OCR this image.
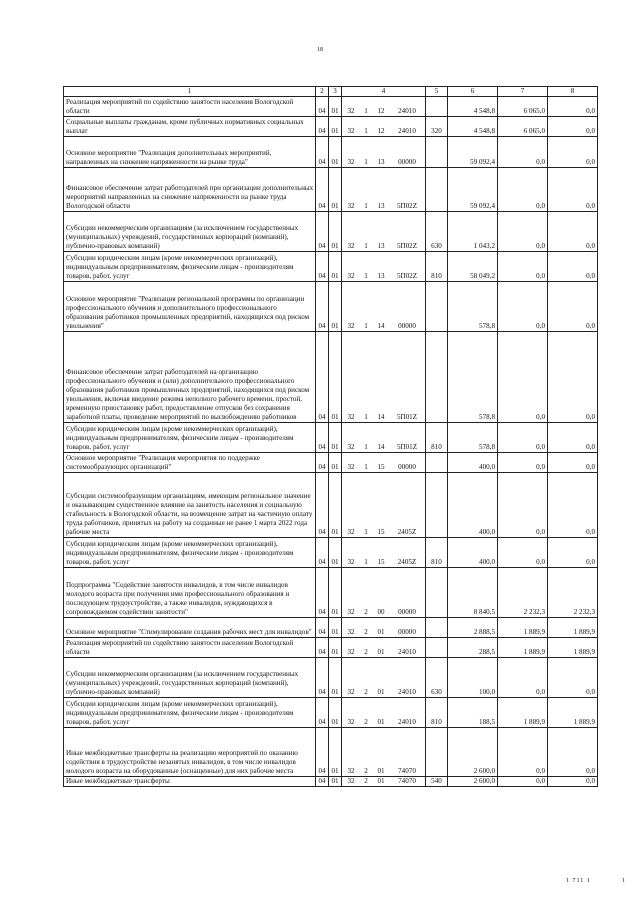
18
1	2	3	4	5	6	7	8
Реализация мероприятий по содействию занятости населения Вологодской области	04	01	32 1 12 24010		4 548,8	6 065,0	0,0
Социальные выплаты гражданам, кроме публичных нормативных социальных выплат	04	01	32 1 12 24010	320	4 548,8	6 065,0	0,0
Основное мероприятие "Реализация дополнительных мероприятий, направленных на снижение напряженности на рынке труда"	04	01	32 1 13 00000		59 092,4	0,0	0,0
Финансовое обеспечение затрат работодателей при организации дополнительных мероприятий направленных на снижение напряженности на рынке труда Вологодской области	04	01	32 1 13 5П02Z		59 092,4	0,0	0,0
Субсидии некоммерческим организациям (за исключением государственных (муниципальных) учреждений, государственных корпораций (компаний), публично-правовых компаний)	04	01	32 1 13 5П02Z	630	1 043,2	0,0	0,0
Субсидии юридическим лицам (кроме некоммерческих организаций), индивидуальным предпринимателям, физическим лицам - производителям товаров, работ, услуг	04	01	32 1 13 5П02Z	810	58 049,2	0,0	0,0
Основное мероприятие "Реализация региональной программы по организации профессионального обучения и дополнительного профессионального образования работников промышленных предприятий, находящихся под риском увольнения"	04	01	32 1 14 00000		578,8	0,0	0,0
Финансовое обеспечение затрат работодателей на организацию профессионального обучения и (или) дополнительного профессионального образования работников промышленных предприятий, находящихся под риском увольнения, включая введение режима неполного рабочего времени, простой, временную приостановку работ, предоставление отпусков без сохранения заработной платы, проведение мероприятий по высвобождению работников	04	01	32 1 14 5П01Z		578,8	0,0	0,0
Субсидии юридическим лицам (кроме некоммерческих организаций), индивидуальным предпринимателям, физическим лицам - производителям товаров, работ, услуг	04	01	32 1 14 5П01Z	810	578,8	0,0	0,0
Основное мероприятие "Реализация мероприятия по поддержке системообразующих организаций"	04	01	32 1 15 00000		400,0	0,0	0,0
Субсидии системообразующим организациям, имеющим региональное значение и оказывающим существенное влияние на занятость населения и социальную стабильность в Вологодской области, на возмещение затрат на частичную оплату труда работников, принятых на работу на созданные не ранее 1 марта 2022 года рабочие места	04	01	32 1 15 2405Z		400,0	0,0	0,0
Субсидии юридическим лицам (кроме некоммерческих организаций), индивидуальным предпринимателям, физическим лицам - производителям товаров, работ, услуг	04	01	32 1 15 2405Z	810	400,0	0,0	0,0
Подпрограмма "Содействие занятости инвалидов, в том числе инвалидов молодого возраста при получении ими профессионального образования и последующем трудоустройстве, а также инвалидов, нуждающихся в сопровождаемом содействии занятости"	04	01	32 2 00 00000		8 840,5	2 232,3	2 232,3
Основное мероприятие "Стимулирование создания рабочих мест для инвалидов"	04	01	32 2 01 00000		2 888,5	1 889,9	1 889,9
Реализация мероприятий по содействию занятости населения Вологодской области	04	01	32 2 01 24010		288,5	1 889,9	1 889,9
Субсидии некоммерческим организациям (за исключением государственных (муниципальных) учреждений, государственных корпораций (компаний), публично-правовых компаний)	04	01	32 2 01 24010	630	100,0	0,0	0,0
Субсидии юридическим лицам (кроме некоммерческих организаций), индивидуальным предпринимателям, физическим лицам - производителям товаров, работ, услуг	04	01	32 2 01 24010	810	188,5	1 889,9	1 889,9
Иные межбюджетные трансферты на реализацию мероприятий по оказанию содействия в трудоустройстве незанятых инвалидов, в том числе инвалидов молодого возраста на оборудованные (оснащенные) для них рабочие места	04	01	32 2 01 74070		2 600,0	0,0	0,0
Иные межбюджетные трансферты	04	01	32 2 01 74070	540	2 600,0	0,0	0,0
1 711 1	1
